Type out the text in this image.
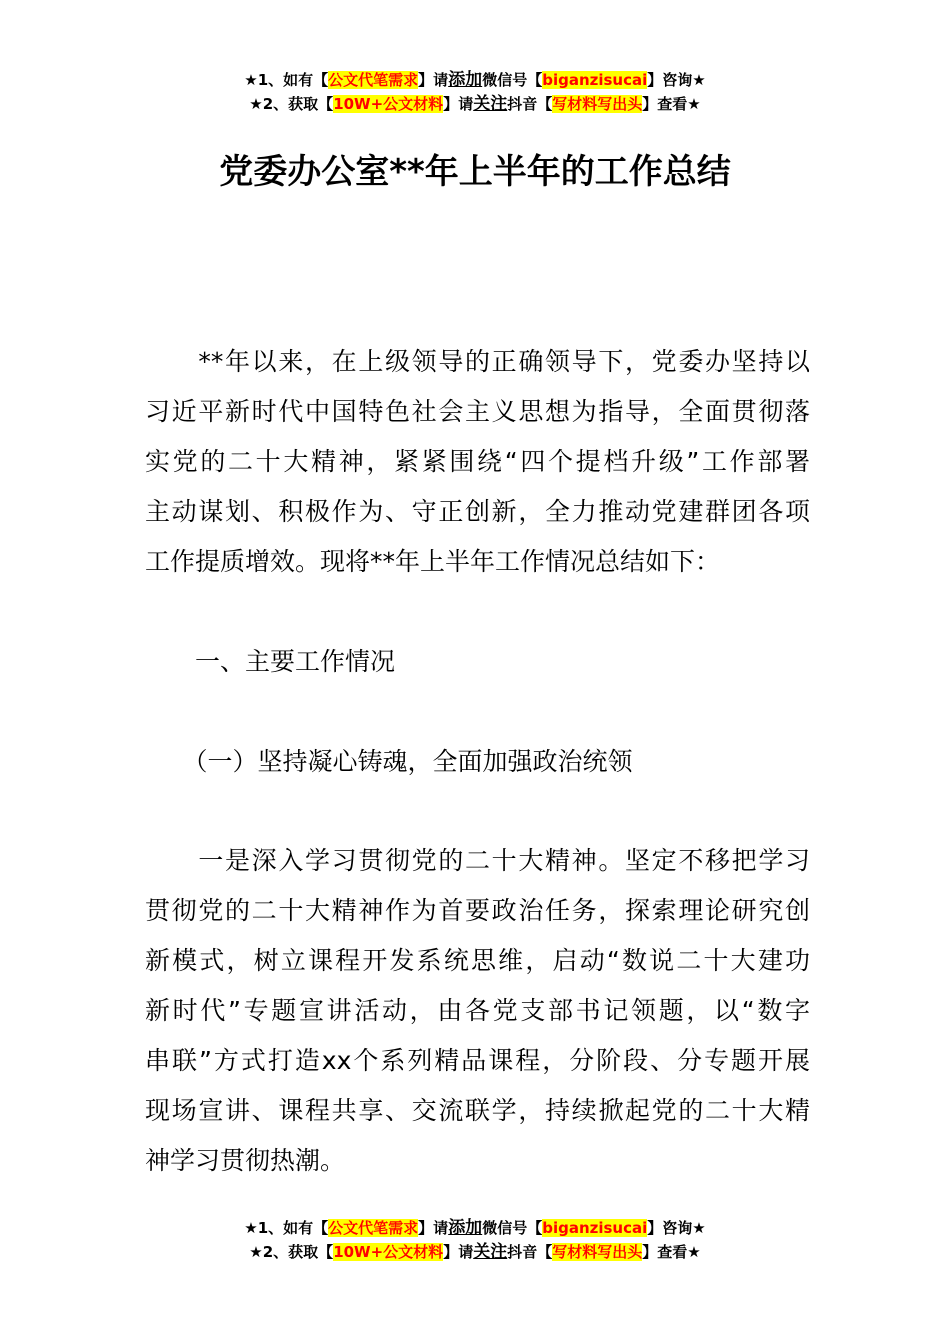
★1、如有【公文代笔需求】请添加微信号【biganzisucai】咨询★
★2、获取【10W+公文材料】请关注抖音【写材料写出头】查看★
党委办公室**年上半年的工作总结
　　**年以来，在上级领导的正确领导下，党委办坚持以
习近平新时代中国特色社会主义思想为指导，全面贯彻落
实党的二十大精神，紧紧围绕“四个提档升级”工作部署
主动谋划、积极作为、守正创新，全力推动党建群团各项
工作提质增效。现将**年上半年工作情况总结如下：
　　一、主要工作情况
　　（一）坚持凝心铸魂，全面加强政治统领
　　一是深入学习贯彻党的二十大精神。坚定不移把学习
贯彻党的二十大精神作为首要政治任务，探索理论研究创
新模式，树立课程开发系统思维，启动“数说二十大建功
新时代”专题宣讲活动，由各党支部书记领题，以“数字
串联”方式打造xx个系列精品课程，分阶段、分专题开展
现场宣讲、课程共享、交流联学，持续掀起党的二十大精
神学习贯彻热潮。
★1、如有【公文代笔需求】请添加微信号【biganzisucai】咨询★
★2、获取【10W+公文材料】请关注抖音【写材料写出头】查看★
